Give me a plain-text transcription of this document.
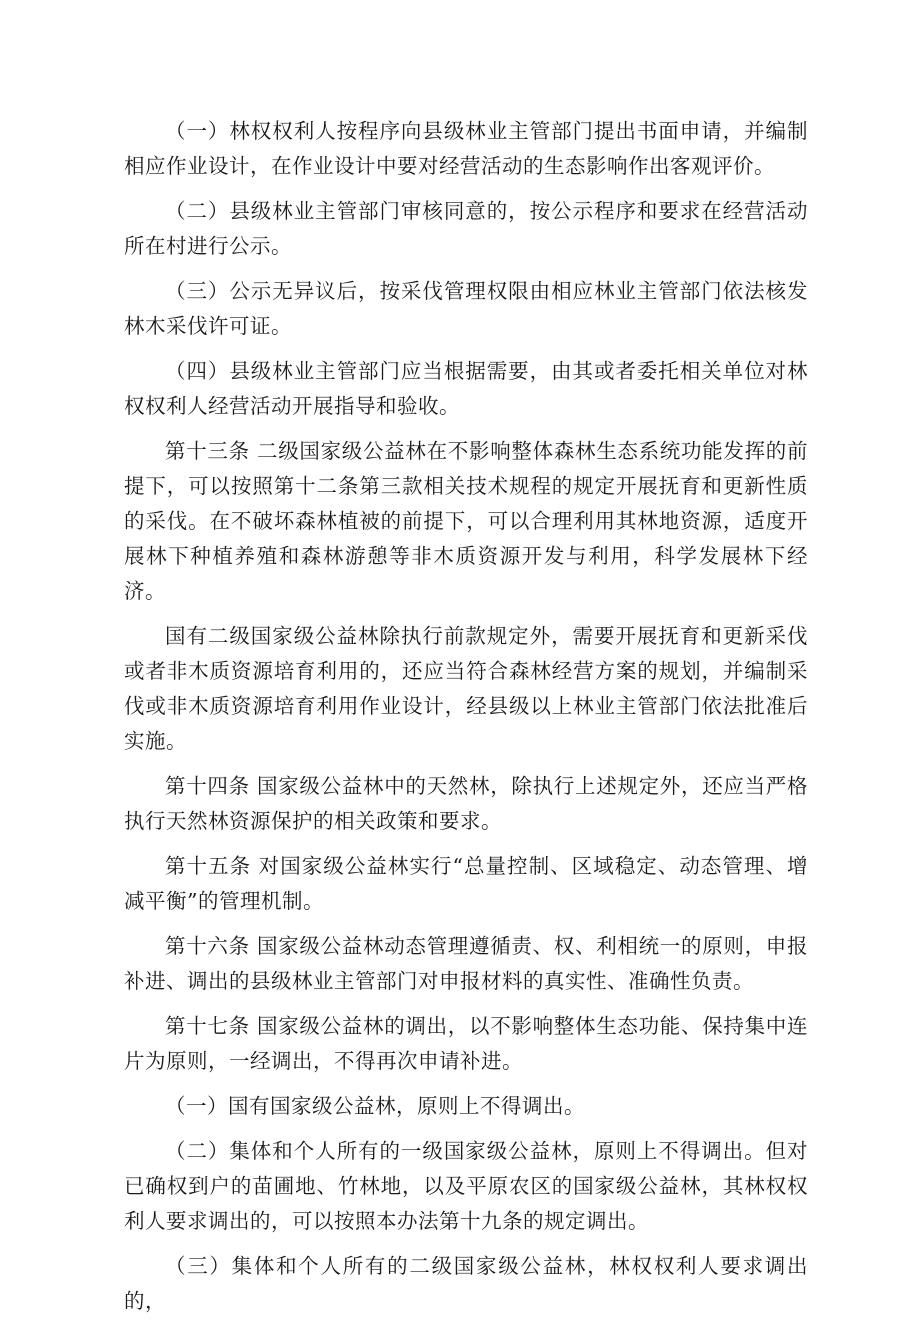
（一）林权权利人按程序向县级林业主管部门提出书面申请，并编制相应作业设计，在作业设计中要对经营活动的生态影响作出客观评价。

（二）县级林业主管部门审核同意的，按公示程序和要求在经营活动所在村进行公示。

（三）公示无异议后，按采伐管理权限由相应林业主管部门依法核发林木采伐许可证。

（四）县级林业主管部门应当根据需要，由其或者委托相关单位对林权权利人经营活动开展指导和验收。

第十三条 二级国家级公益林在不影响整体森林生态系统功能发挥的前提下，可以按照第十二条第三款相关技术规程的规定开展抚育和更新性质的采伐。在不破坏森林植被的前提下，可以合理利用其林地资源，适度开展林下种植养殖和森林游憩等非木质资源开发与利用，科学发展林下经济。

国有二级国家级公益林除执行前款规定外，需要开展抚育和更新采伐或者非木质资源培育利用的，还应当符合森林经营方案的规划，并编制采伐或非木质资源培育利用作业设计，经县级以上林业主管部门依法批准后实施。

第十四条 国家级公益林中的天然林，除执行上述规定外，还应当严格执行天然林资源保护的相关政策和要求。

第十五条 对国家级公益林实行“总量控制、区域稳定、动态管理、增减平衡”的管理机制。

第十六条 国家级公益林动态管理遵循责、权、利相统一的原则，申报补进、调出的县级林业主管部门对申报材料的真实性、准确性负责。

第十七条 国家级公益林的调出，以不影响整体生态功能、保持集中连片为原则，一经调出，不得再次申请补进。

（一）国有国家级公益林，原则上不得调出。

（二）集体和个人所有的一级国家级公益林，原则上不得调出。但对已确权到户的苗圃地、竹林地，以及平原农区的国家级公益林，其林权权利人要求调出的，可以按照本办法第十九条的规定调出。

（三）集体和个人所有的二级国家级公益林，林权权利人要求调出的，
